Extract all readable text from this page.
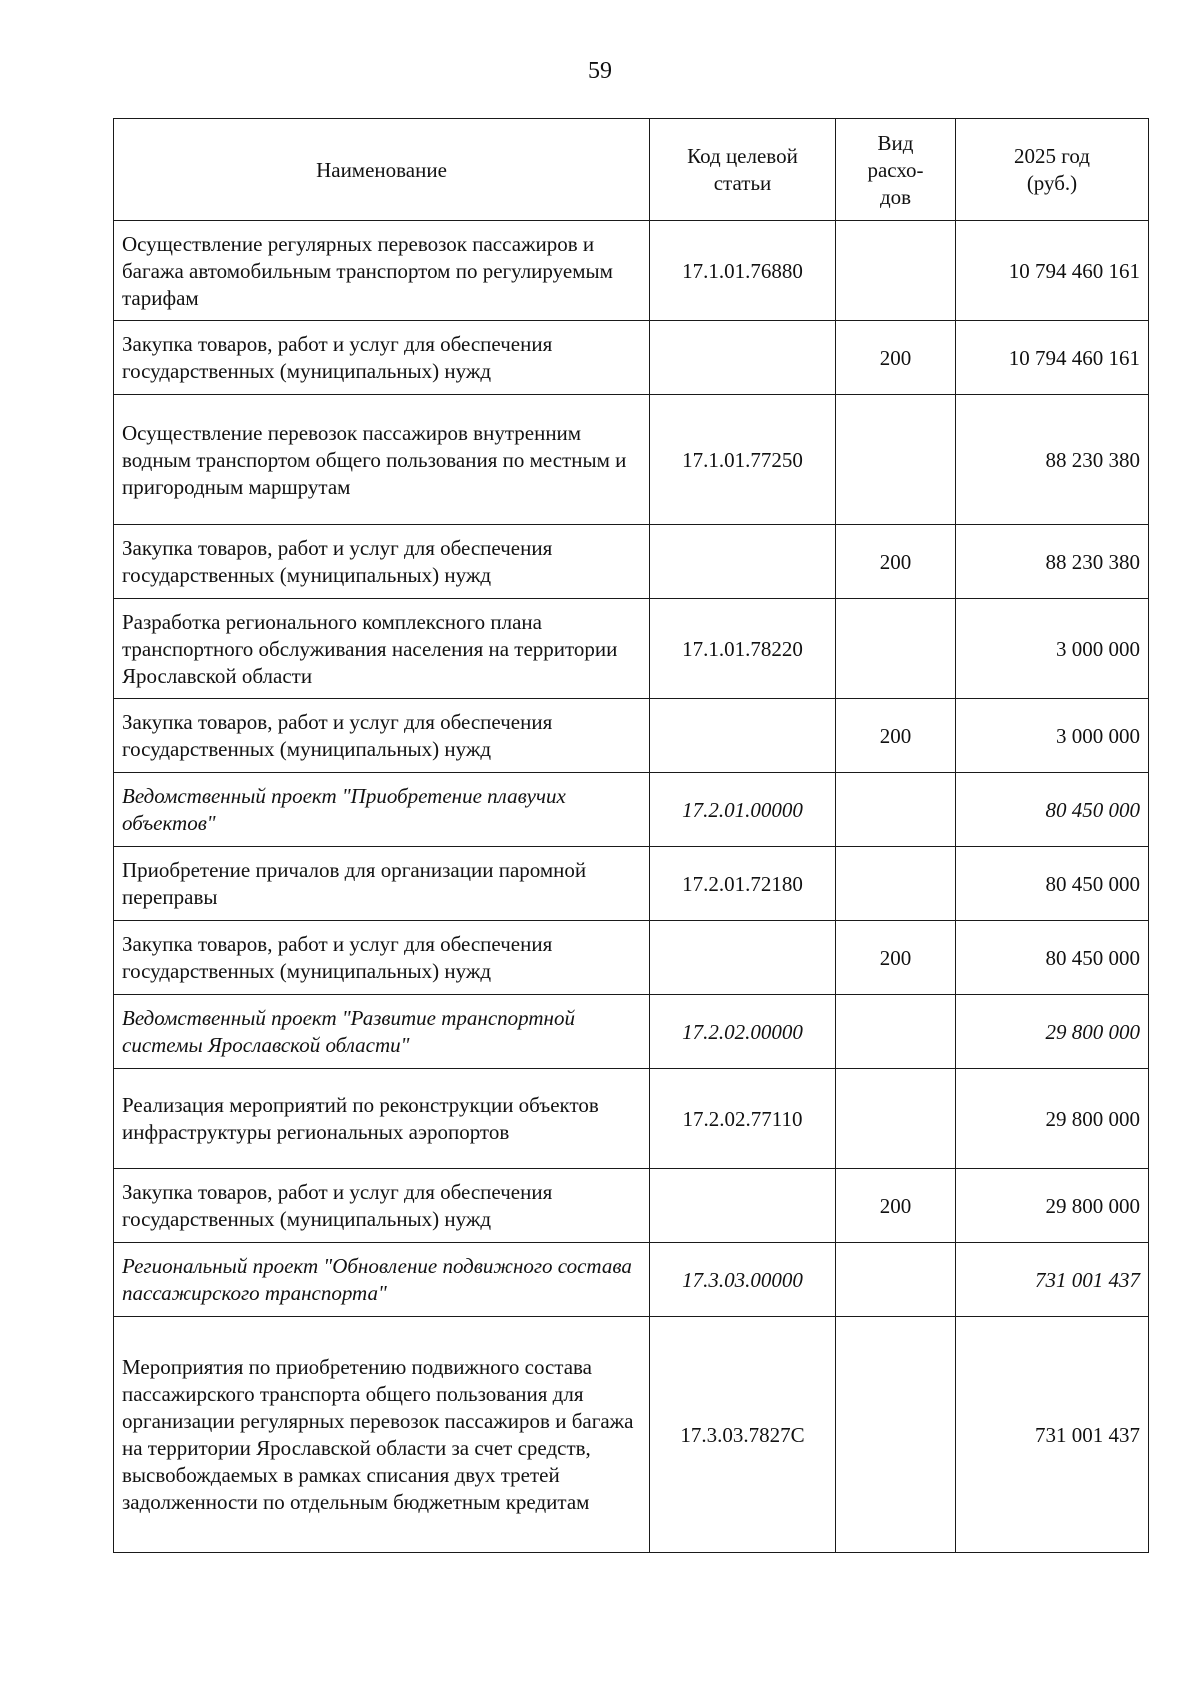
59
Наименование	Код целевой статьи	Вид расхо-дов	2025 год (руб.)
Осуществление регулярных перевозок пассажиров и багажа автомобильным транспортом по регулируемым тарифам	17.1.01.76880		10 794 460 161
Закупка товаров, работ и услуг для обеспечения государственных (муниципальных) нужд		200	10 794 460 161
Осуществление перевозок пассажиров внутренним водным транспортом общего пользования по местным и пригородным маршрутам	17.1.01.77250		88 230 380
Закупка товаров, работ и услуг для обеспечения государственных (муниципальных) нужд		200	88 230 380
Разработка регионального комплексного плана транспортного обслуживания населения на территории Ярославской области	17.1.01.78220		3 000 000
Закупка товаров, работ и услуг для обеспечения государственных (муниципальных) нужд		200	3 000 000
Ведомственный проект "Приобретение плавучих объектов"	17.2.01.00000		80 450 000
Приобретение причалов для организации паромной переправы	17.2.01.72180		80 450 000
Закупка товаров, работ и услуг для обеспечения государственных (муниципальных) нужд		200	80 450 000
Ведомственный проект "Развитие транспортной системы Ярославской области"	17.2.02.00000		29 800 000
Реализация мероприятий по реконструкции объектов инфраструктуры региональных аэропортов	17.2.02.77110		29 800 000
Закупка товаров, работ и услуг для обеспечения государственных (муниципальных) нужд		200	29 800 000
Региональный проект "Обновление подвижного состава пассажирского транспорта"	17.3.03.00000		731 001 437
Мероприятия по приобретению подвижного состава пассажирского транспорта общего пользования для организации регулярных перевозок пассажиров и багажа на территории Ярославской области за счет средств, высвобождаемых в рамках списания двух третей задолженности по отдельным бюджетным кредитам	17.3.03.7827С		731 001 437
